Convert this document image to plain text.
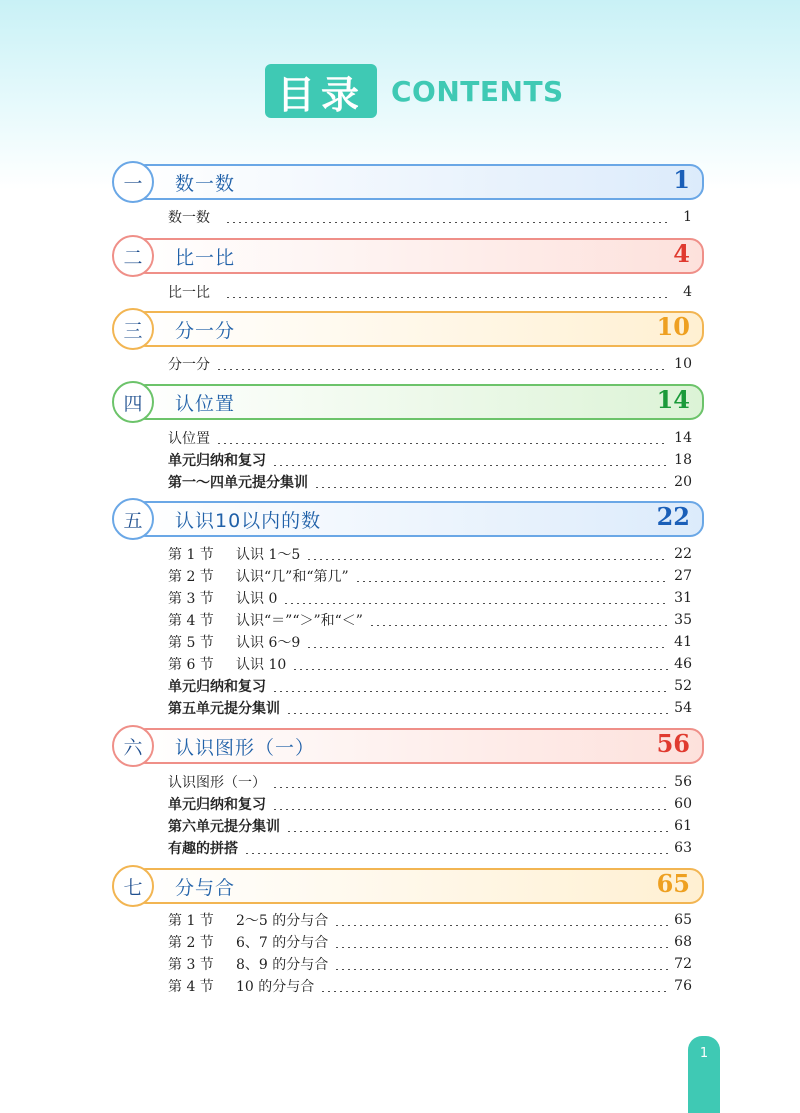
目录 CONTENTS
一	数一数	1
二	比一比	4
三	分一分	10
四	认位置	14
五	认识10以内的数	22
六	认识图形（一）	56
七	分与合	65
数一数	1
比一比	4
分一分	10
认位置	14
单元归纳和复习	18
第一～四单元提分集训	20
第 1 节	认识 1～5	22
第 2 节	认识“几”和“第几”	27
第 3 节	认识 0	31
第 4 节	认识“＝”“＞”和“＜”	35
第 5 节	认识 6～9	41
第 6 节	认识 10	46
单元归纳和复习	52
第五单元提分集训	54
认识图形（一）	56
单元归纳和复习	60
第六单元提分集训	61
有趣的拼搭	63
第 1 节	2～5 的分与合	65
第 2 节	6、7 的分与合	68
第 3 节	8、9 的分与合	72
第 4 节	10 的分与合	76
1
